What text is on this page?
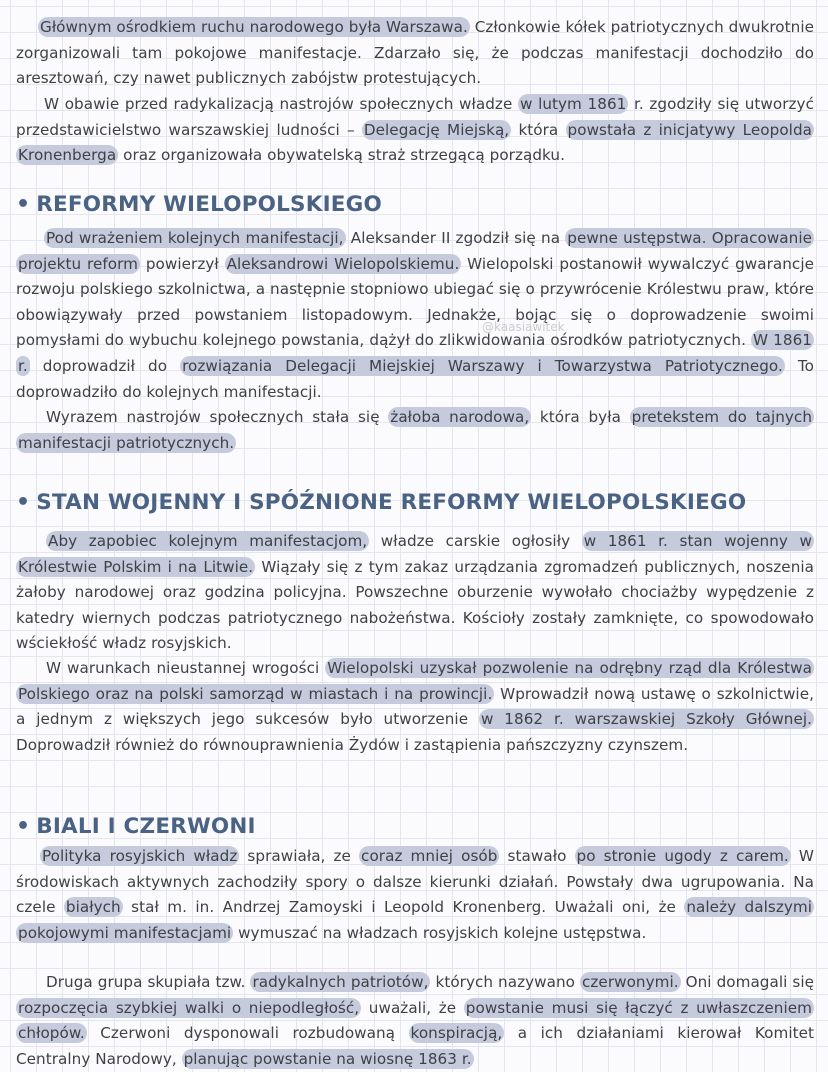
@kaasiawitek

Głównym ośrodkiem ruchu narodowego była Warszawa. Członkowie kółek patriotycznych dwukrotnie zorganizowali tam pokojowe manifestacje. Zdarzało się, że podczas manifestacji dochodziło do aresztowań, czy nawet publicznych zabójstw protestujących.

W obawie przed radykalizacją nastrojów społecznych władze w lutym 1861 r. zgodziły się utworzyć przedstawicielstwo warszawskiej ludności – Delegację Miejską, która powstała z inicjatywy Leopolda Kronenberga oraz organizowała obywatelską straż strzegącą porządku.

• REFORMY WIELOPOLSKIEGO

Pod wrażeniem kolejnych manifestacji, Aleksander II zgodził się na pewne ustępstwa. Opracowanie projektu reform powierzył Aleksandrowi Wielopolskiemu. Wielopolski postanowił wywalczyć gwarancje rozwoju polskiego szkolnictwa, a następnie stopniowo ubiegać się o przywrócenie Królestwu praw, które obowiązywały przed powstaniem listopadowym. Jednakże, bojąc się o doprowadzenie swoimi pomysłami do wybuchu kolejnego powstania, dążył do zlikwidowania ośrodków patriotycznych. W 1861 r. doprowadził do rozwiązania Delegacji Miejskiej Warszawy i Towarzystwa Patriotycznego. To doprowadziło do kolejnych manifestacji.

Wyrazem nastrojów społecznych stała się żałoba narodowa, która była pretekstem do tajnych manifestacji patriotycznych.

• STAN WOJENNY I SPÓŹNIONE REFORMY WIELOPOLSKIEGO

Aby zapobiec kolejnym manifestacjom, władze carskie ogłosiły w 1861 r. stan wojenny w Królestwie Polskim i na Litwie. Wiązały się z tym zakaz urządzania zgromadzeń publicznych, noszenia żałoby narodowej oraz godzina policyjna. Powszechne oburzenie wywołało chociażby wypędzenie z katedry wiernych podczas patriotycznego nabożeństwa. Kościoły zostały zamknięte, co spowodowało wściekłość władz rosyjskich.

W warunkach nieustannej wrogości Wielopolski uzyskał pozwolenie na odrębny rząd dla Królestwa Polskiego oraz na polski samorząd w miastach i na prowincji. Wprowadził nową ustawę o szkolnictwie, a jednym z większych jego sukcesów było utworzenie w 1862 r. warszawskiej Szkoły Głównej. Doprowadził również do równouprawnienia Żydów i zastąpienia pańszczyzny czynszem.

• BIALI I CZERWONI

Polityka rosyjskich władz sprawiała, ze coraz mniej osób stawało po stronie ugody z carem. W środowiskach aktywnych zachodziły spory o dalsze kierunki działań. Powstały dwa ugrupowania. Na czele białych stał m. in. Andrzej Zamoyski i Leopold Kronenberg. Uważali oni, że należy dalszymi pokojowymi manifestacjami wymuszać na władzach rosyjskich kolejne ustępstwa.

Druga grupa skupiała tzw. radykalnych patriotów, których nazywano czerwonymi. Oni domagali się rozpoczęcia szybkiej walki o niepodległość, uważali, że powstanie musi się łączyć z uwłaszczeniem chłopów. Czerwoni dysponowali rozbudowaną konspiracją, a ich działaniami kierował Komitet Centralny Narodowy, planując powstanie na wiosnę 1863 r.
